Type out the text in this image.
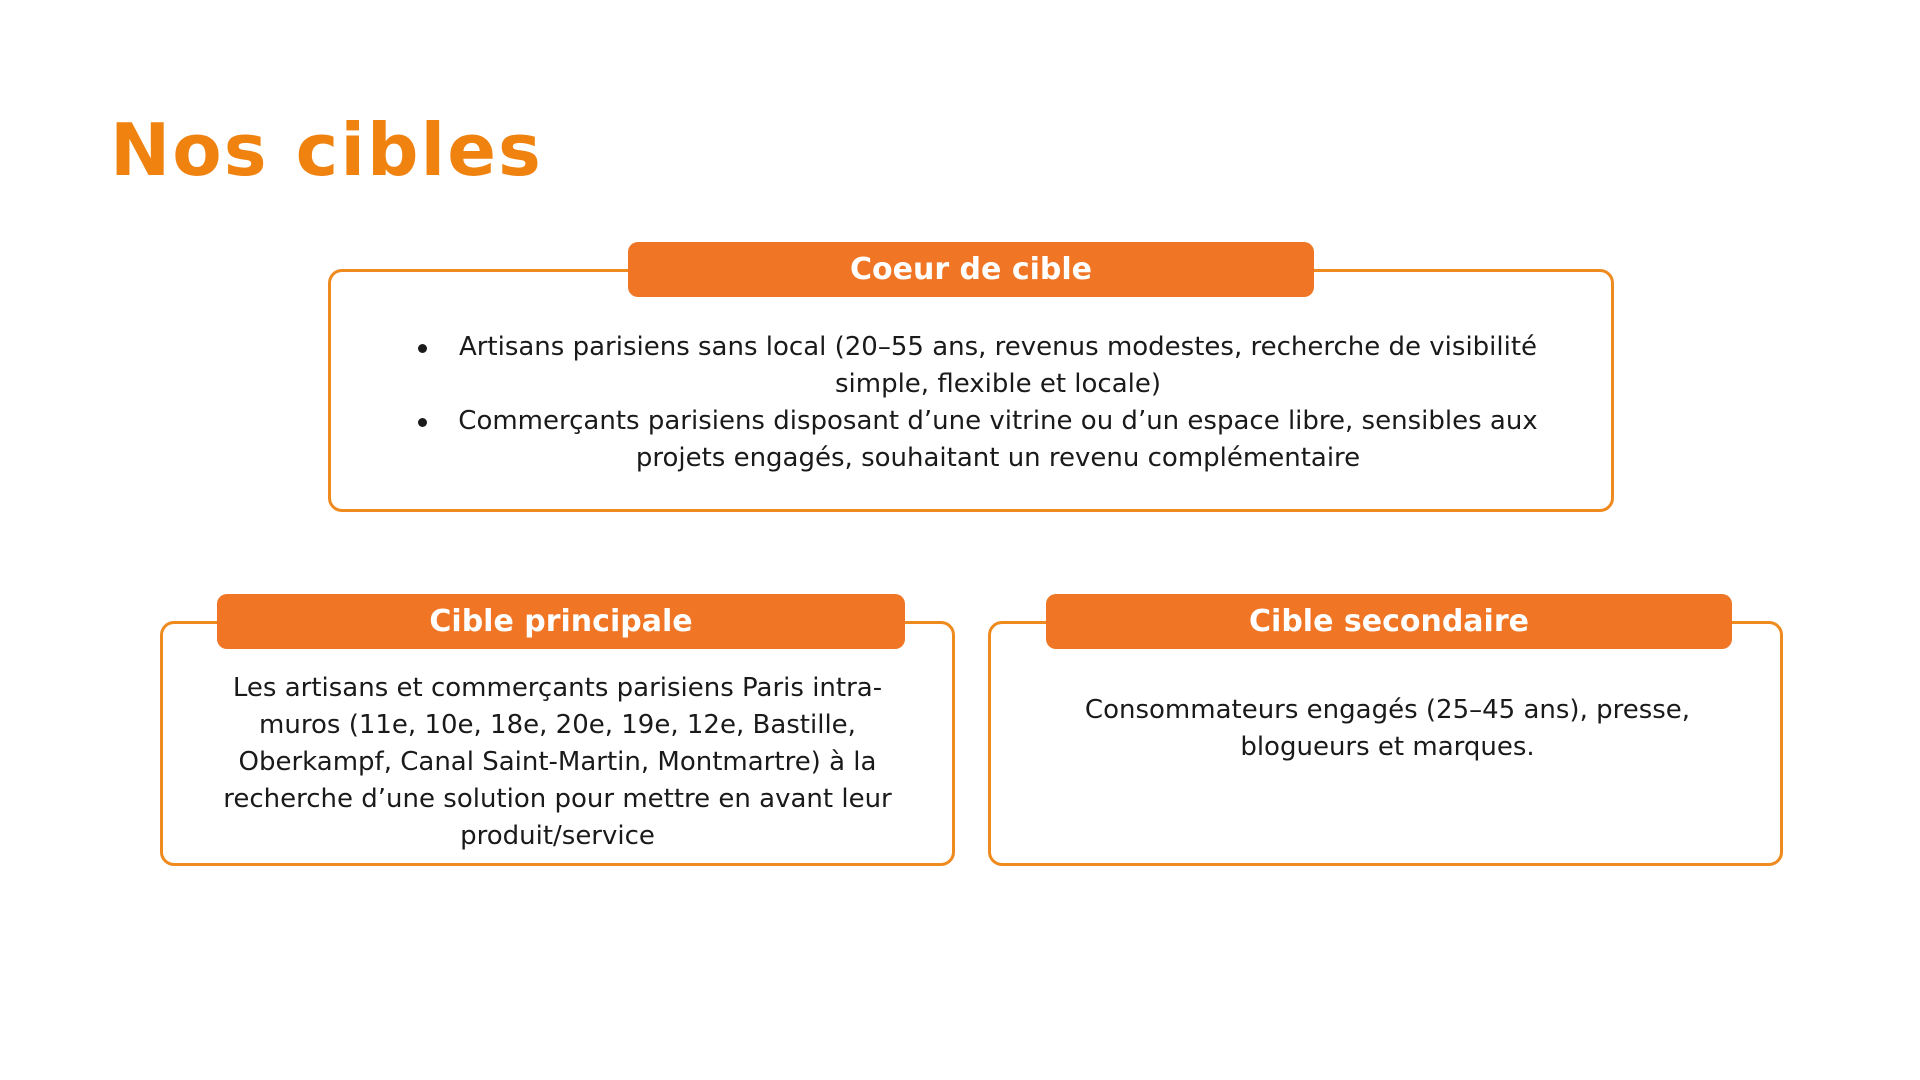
Nos cibles
Coeur de cible
Artisans parisiens sans local (20–55 ans, revenus modestes, recherche de visibilité simple, flexible et locale)
Commerçants parisiens disposant d’une vitrine ou d’un espace libre, sensibles aux projets engagés, souhaitant un revenu complémentaire
Cible principale
Les artisans et commerçants parisiens Paris intra-muros (11e, 10e, 18e, 20e, 19e, 12e, Bastille, Oberkampf, Canal Saint-Martin, Montmartre) à la recherche d’une solution pour mettre en avant leur produit/service
Cible secondaire
Consommateurs engagés (25–45 ans), presse, blogueurs et marques.
